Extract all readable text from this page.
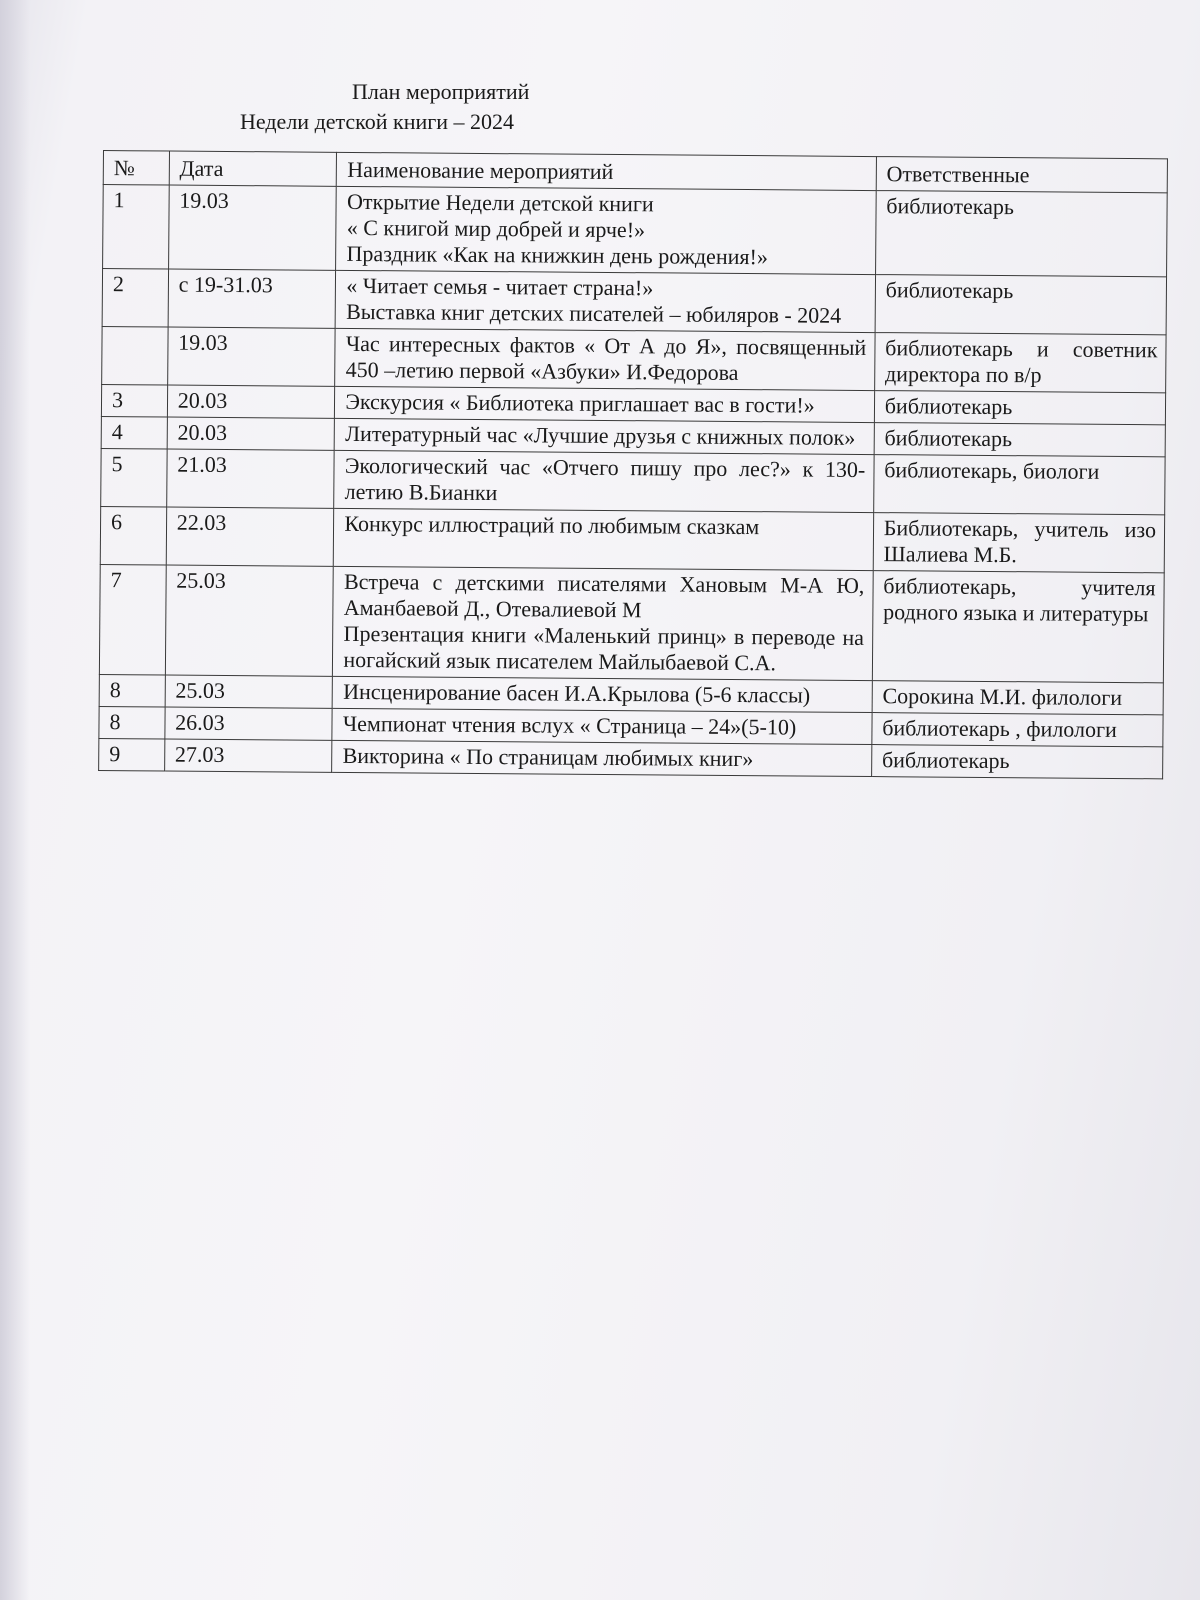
План мероприятий
Недели детской книги – 2024
№	Дата	Наименование мероприятий	Ответственные
1	19.03	Открытие Недели детской книги
« С книгой мир добрей и ярче!»
Праздник «Как на книжкин день рождения!»	библиотекарь
2	с 19-31.03	« Читает семья - читает страна!»
Выставка книг детских писателей – юбиляров - 2024	библиотекарь
	19.03	Час интересных фактов « От А до Я», посвященный 450 –летию первой «Азбуки» И.Федорова	библиотекарь и советник директора по в/р
3	20.03	Экскурсия « Библиотека приглашает вас в гости!»	библиотекарь
4	20.03	Литературный час «Лучшие друзья с книжных полок»	библиотекарь
5	21.03	Экологический час «Отчего пишу про лес?» к 130-летию В.Бианки	библиотекарь, биологи
6	22.03	Конкурс иллюстраций по любимым сказкам	Библиотекарь, учитель изо Шалиева М.Б.
7	25.03	Встреча с детскими писателями Хановым М-А Ю, Аманбаевой Д., Отевалиевой М
Презентация книги «Маленький принц» в переводе на ногайский язык писателем Майлыбаевой С.А.	библиотекарь, учителя родного языка и литературы
8	25.03	Инсценирование басен И.А.Крылова (5-6 классы)	Сорокина М.И. филологи
8	26.03	Чемпионат чтения вслух « Страница – 24»(5-10)	библиотекарь , филологи
9	27.03	Викторина « По страницам любимых книг»	библиотекарь
